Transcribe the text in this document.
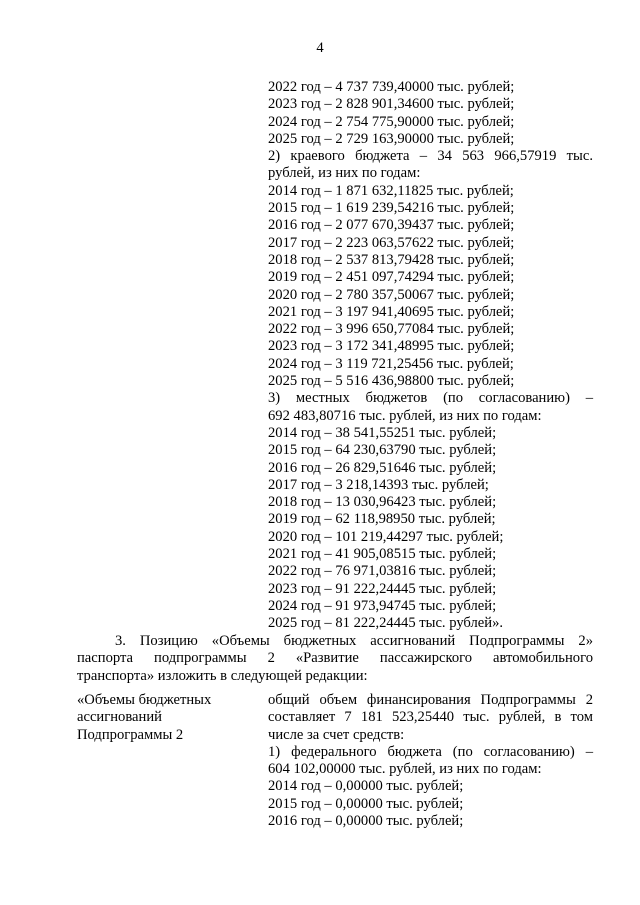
4
2022 год – 4 737 739,40000 тыс. рублей;
2023 год – 2 828 901,34600 тыс. рублей;
2024 год – 2 754 775,90000 тыс. рублей;
2025 год – 2 729 163,90000 тыс. рублей;
2) краевого бюджета – 34 563 966,57919 тыс.
рублей, из них по годам:
2014 год – 1 871 632,11825 тыс. рублей;
2015 год – 1 619 239,54216 тыс. рублей;
2016 год – 2 077 670,39437 тыс. рублей;
2017 год – 2 223 063,57622 тыс. рублей;
2018 год – 2 537 813,79428 тыс. рублей;
2019 год – 2 451 097,74294 тыс. рублей;
2020 год – 2 780 357,50067 тыс. рублей;
2021 год – 3 197 941,40695 тыс. рублей;
2022 год – 3 996 650,77084 тыс. рублей;
2023 год – 3 172 341,48995 тыс. рублей;
2024 год – 3 119 721,25456 тыс. рублей;
2025 год – 5 516 436,98800 тыс. рублей;
3) местных бюджетов (по согласованию) –
692 483,80716 тыс. рублей, из них по годам:
2014 год – 38 541,55251 тыс. рублей;
2015 год – 64 230,63790 тыс. рублей;
2016 год – 26 829,51646 тыс. рублей;
2017 год – 3 218,14393 тыс. рублей;
2018 год – 13 030,96423 тыс. рублей;
2019 год – 62 118,98950 тыс. рублей;
2020 год – 101 219,44297 тыс. рублей;
2021 год – 41 905,08515 тыс. рублей;
2022 год – 76 971,03816 тыс. рублей;
2023 год – 91 222,24445 тыс. рублей;
2024 год – 91 973,94745 тыс. рублей;
2025 год – 81 222,24445 тыс. рублей».
3. Позицию «Объемы бюджетных ассигнований Подпрограммы 2»
паспорта подпрограммы 2 «Развитие пассажирского автомобильного
транспорта» изложить в следующей редакции:
«Объемы бюджетных
ассигнований
Подпрограммы 2
общий объем финансирования Подпрограммы 2
составляет 7 181 523,25440 тыс. рублей, в том
числе за счет средств:
1) федерального бюджета (по согласованию) –
604 102,00000 тыс. рублей, из них по годам:
2014 год – 0,00000 тыс. рублей;
2015 год – 0,00000 тыс. рублей;
2016 год – 0,00000 тыс. рублей;
